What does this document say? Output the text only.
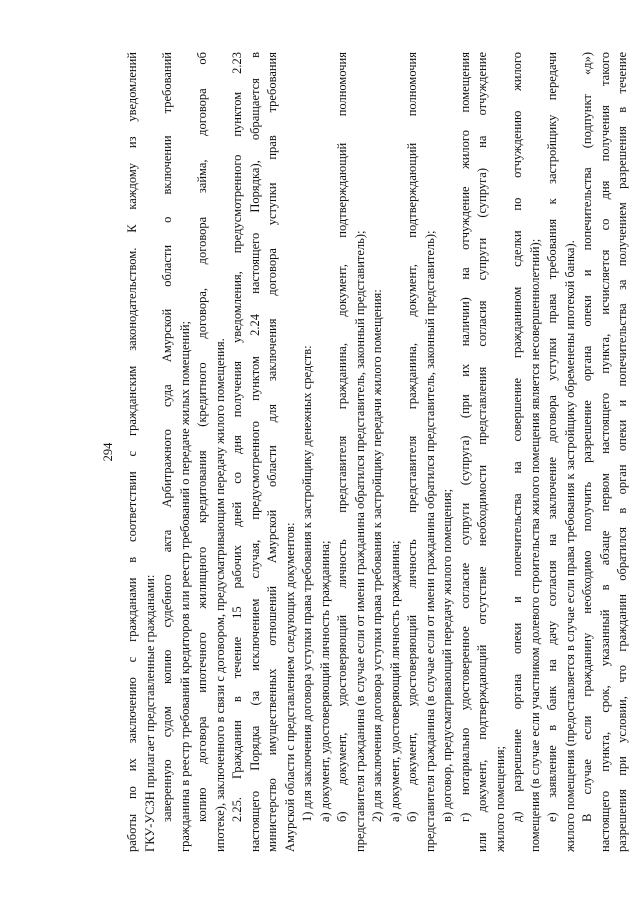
294 работы по их заключению с гражданами в соответствии с гражданским законодательством. К каждому из уведомлений ГКУ-УСЗН прилагает представленные гражданами: заверенную судом копию судебного акта Арбитражного суда Амурской области о включении требований гражданина в реестр требований кредиторов или реестр требований о передаче жилых помещений; копию договора ипотечного жилищного кредитования (кредитного договора, договора займа, договора об ипотеке), заключенного в связи с договором, предусматривающим передачу жилого помещения. 2.25. Гражданин в течение 15 рабочих дней со дня получения уведомления, предусмотренного пунктом 2.23 настоящего Порядка (за исключением случая, предусмотренного пунктом 2.24 настоящего Порядка), обращается в министерство имущественных отношений Амурской области для заключения договора уступки прав требования Амурской области с представлением следующих документов: 1) для заключения договора уступки права требования к застройщику денежных средств: а) документ, удостоверяющий личность гражданина; б) документ, удостоверяющий личность представителя гражданина, документ, подтверждающий полномочия представителя гражданина (в случае если от имени гражданина обратился представитель, законный представитель); 2) для заключения договора уступки права требования к застройщику передачи жилого помещения: а) документ, удостоверяющий личность гражданина; б) документ, удостоверяющий личность представителя гражданина, документ, подтверждающий полномочия представителя гражданина (в случае если от имени гражданина обратился представитель, законный представитель); в) договор, предусматривающий передачу жилого помещения; г) нотариально удостоверенное согласие супруги (супруга) (при их наличии) на отчуждение жилого помещения или документ, подтверждающий отсутствие необходимости представления согласия супруги (супруга) на отчуждение жилого помещения; д) разрешение органа опеки и попечительства на совершение гражданином сделки по отчуждению жилого помещения (в случае если участником долевого строительства жилого помещения является несовершеннолетний); е) заявление в банк на дачу согласия на заключение договора уступки права требования к застройщику передачи жилого помещения (предоставляется в случае если права требования к застройщику обременены ипотекой банка). В случае если гражданину необходимо получить разрешение органа опеки и попечительства (подпункт «д») настоящего пункта, срок, указанный в абзаце первом настоящего пункта, исчисляется со дня получения такого разрешения при условии, что гражданин обратился в орган опеки и попечительства за получением разрешения в течение
